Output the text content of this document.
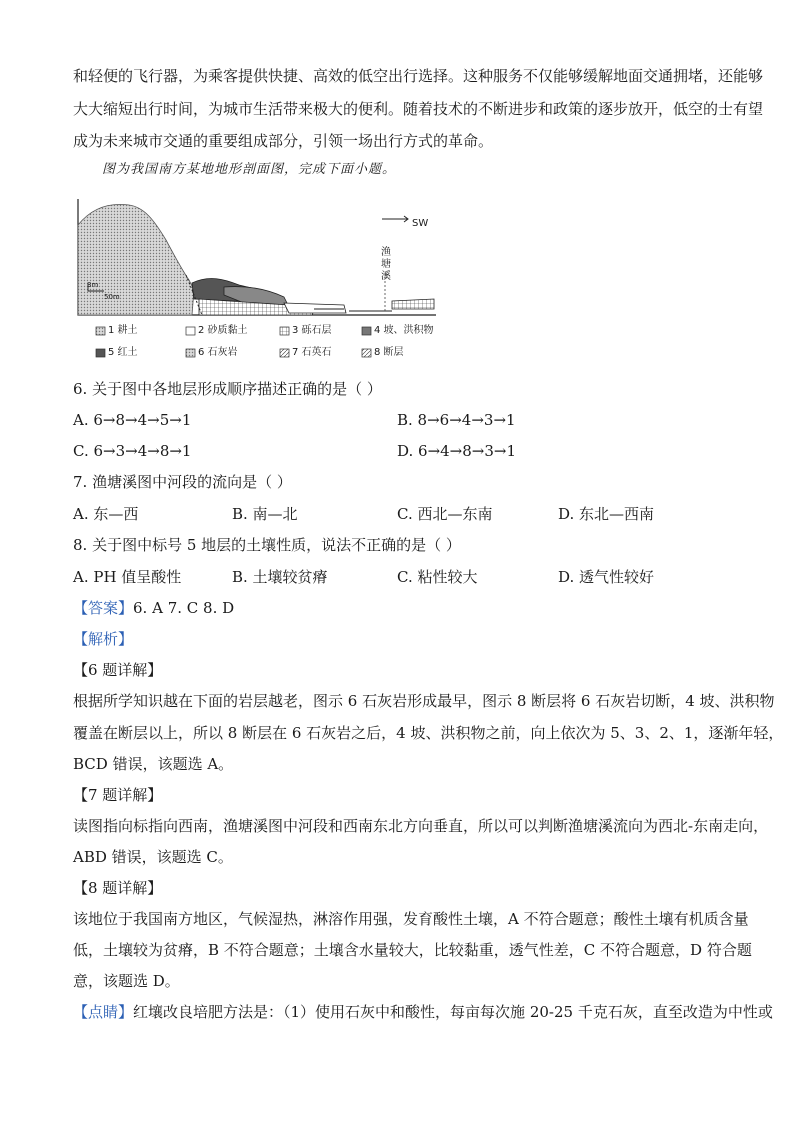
和轻便的飞行器，为乘客提供快捷、高效的低空出行选择。这种服务不仅能够缓解地面交通拥堵，还能够
大大缩短出行时间，为城市生活带来极大的便利。随着技术的不断进步和政策的逐步放开，低空的士有望
成为未来城市交通的重要组成部分，引领一场出行方式的革命。
图为我国南方某地地形剖面图，完成下面小题。
SW
渔塘溪
3m
50m
1 耕土	2 砂质黏土	3 砾石层	4 坡、洪积物
5 红土	6 石灰岩	7 石英石	8 断层
6. 关于图中各地层形成顺序描述正确的是（ ）
A. 6→8→4→5→1	B. 8→6→4→3→1
C. 6→3→4→8→1	D. 6→4→8→3→1
7. 渔塘溪图中河段的流向是（ ）
A. 东—西	B. 南—北	C. 西北—东南	D. 东北—西南
8. 关于图中标号 5 地层的土壤性质，说法不正确的是（ ）
A. PH 值呈酸性	B. 土壤较贫瘠	C. 粘性较大	D. 透气性较好
【答案】6. A 7. C 8. D
【解析】
【6 题详解】
根据所学知识越在下面的岩层越老，图示 6 石灰岩形成最早，图示 8 断层将 6 石灰岩切断，4 坡、洪积物
覆盖在断层以上，所以 8 断层在 6 石灰岩之后，4 坡、洪积物之前，向上依次为 5、3、2、1，逐渐年轻，
BCD 错误，该题选 A。
【7 题详解】
读图指向标指向西南，渔塘溪图中河段和西南东北方向垂直，所以可以判断渔塘溪流向为西北-东南走向，
ABD 错误，该题选 C。
【8 题详解】
该地位于我国南方地区，气候湿热，淋溶作用强，发育酸性土壤，A 不符合题意；酸性土壤有机质含量
低，土壤较为贫瘠，B 不符合题意；土壤含水量较大，比较黏重，透气性差，C 不符合题意，D 符合题
意，该题选 D。
【点睛】红壤改良培肥方法是：（1）使用石灰中和酸性，每亩每次施 20-25 千克石灰，直至改造为中性或
